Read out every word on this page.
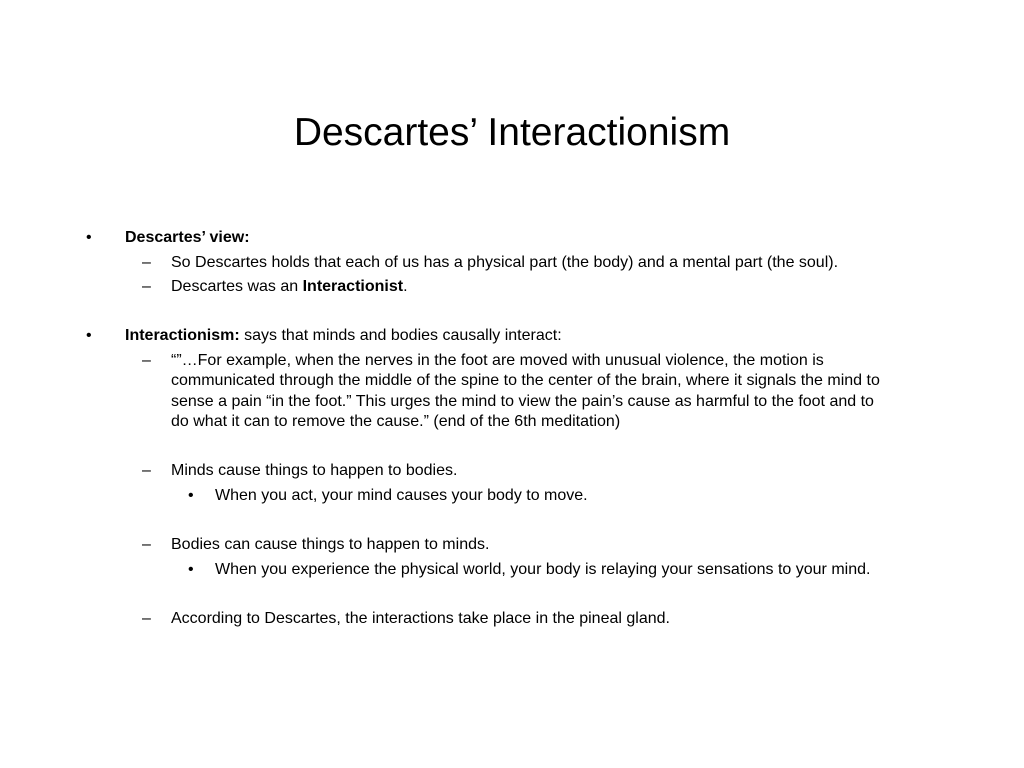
Descartes’ Interactionism
• Descartes’ view:
– So Descartes holds that each of us has a physical part (the body) and a mental part (the soul).
– Descartes was an Interactionist.
• Interactionism: says that minds and bodies causally interact:
– “”…For example, when the nerves in the foot are moved with unusual violence, the motion is
communicated through the middle of the spine to the center of the brain, where it signals the mind to
sense a pain “in the foot.” This urges the mind to view the pain’s cause as harmful to the foot and to
do what it can to remove the cause.” (end of the 6th meditation)
– Minds cause things to happen to bodies.
• When you act, your mind causes your body to move.
– Bodies can cause things to happen to minds.
• When you experience the physical world, your body is relaying your sensations to your mind.
– According to Descartes, the interactions take place in the pineal gland.
